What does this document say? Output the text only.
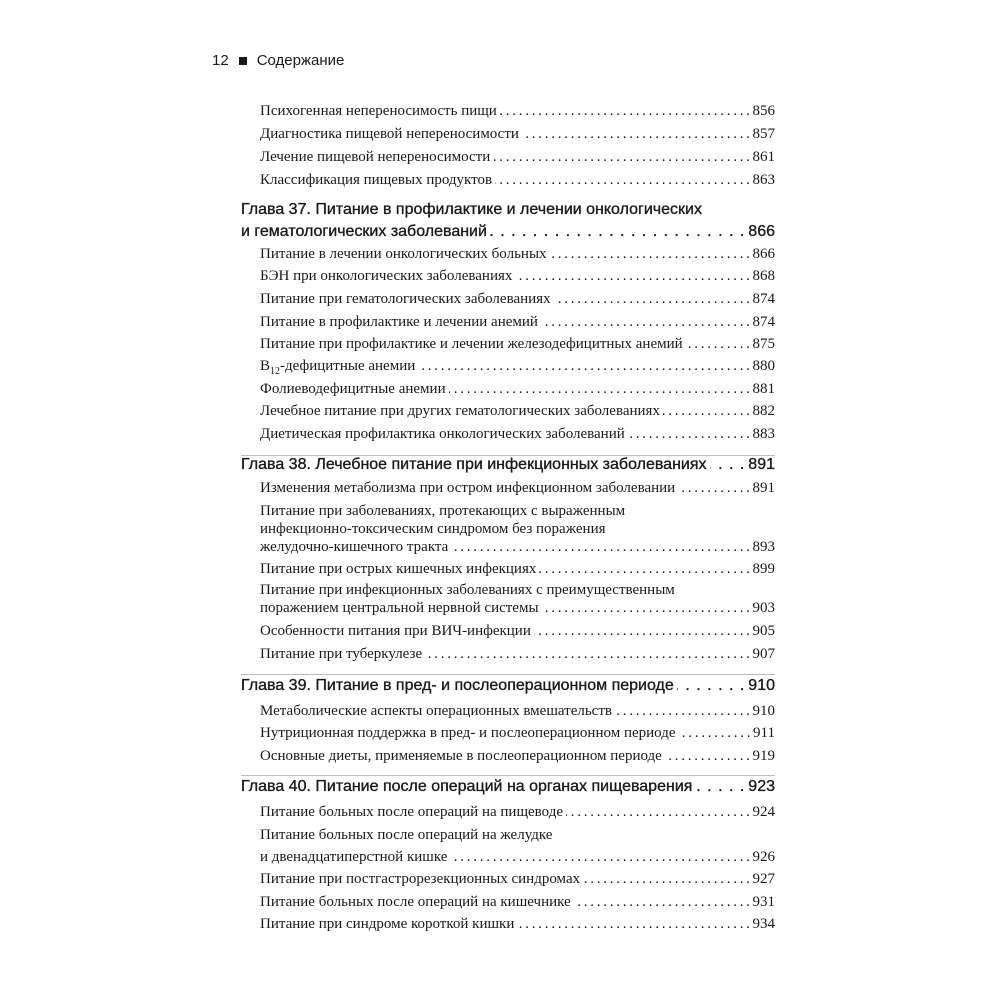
12 Содержание
Психогенная непереносимость пищи . . .	856
Диагностика пищевой непереносимости . . .	857
Лечение пищевой непереносимости . . .	861
Классификация пищевых продуктов . . .	863
Глава 37. Питание в профилактике и лечении онкологических
и гематологических заболеваний . . .	866
Питание в лечении онкологических больных . . .	866
БЭН при онкологических заболеваниях . . .	868
Питание при гематологических заболеваниях . . .	874
Питание в профилактике и лечении анемий . . .	874
Питание при профилактике и лечении железодефицитных анемий . . .	875
$B_{12}$-дефицитные анемии . . .	880
Фолиеводефицитные анемии . . .	881
Лечебное питание при других гематологических заболеваниях . . .	882
Диетическая профилактика онкологических заболеваний . . .	883
Глава 38. Лечебное питание при инфекционных заболеваниях . . .	891
Изменения метаболизма при остром инфекционном заболевании . . .	891
Питание при заболеваниях, протекающих с выраженным
инфекционно-токсическим синдромом без поражения
желудочно-кишечного тракта . . .	893
Питание при острых кишечных инфекциях . . .	899
Питание при инфекционных заболеваниях с преимущественным
поражением центральной нервной системы . . .	903
Особенности питания при ВИЧ-инфекции . . .	905
Питание при туберкулезе . . .	907
Глава 39. Питание в пред- и послеоперационном периоде . . .	910
Метаболические аспекты операционных вмешательств . . .	910
Нутриционная поддержка в пред- и послеоперационном периоде . . .	911
Основные диеты, применяемые в послеоперационном периоде . . .	919
Глава 40. Питание после операций на органах пищеварения . . .	923
Питание больных после операций на пищеводе . . .	924
Питание больных после операций на желудке
и двенадцатиперстной кишке . . .	926
Питание при постгастрорезекционных синдромах . . .	927
Питание больных после операций на кишечнике . . .	931
Питание при синдроме короткой кишки . . .	934
